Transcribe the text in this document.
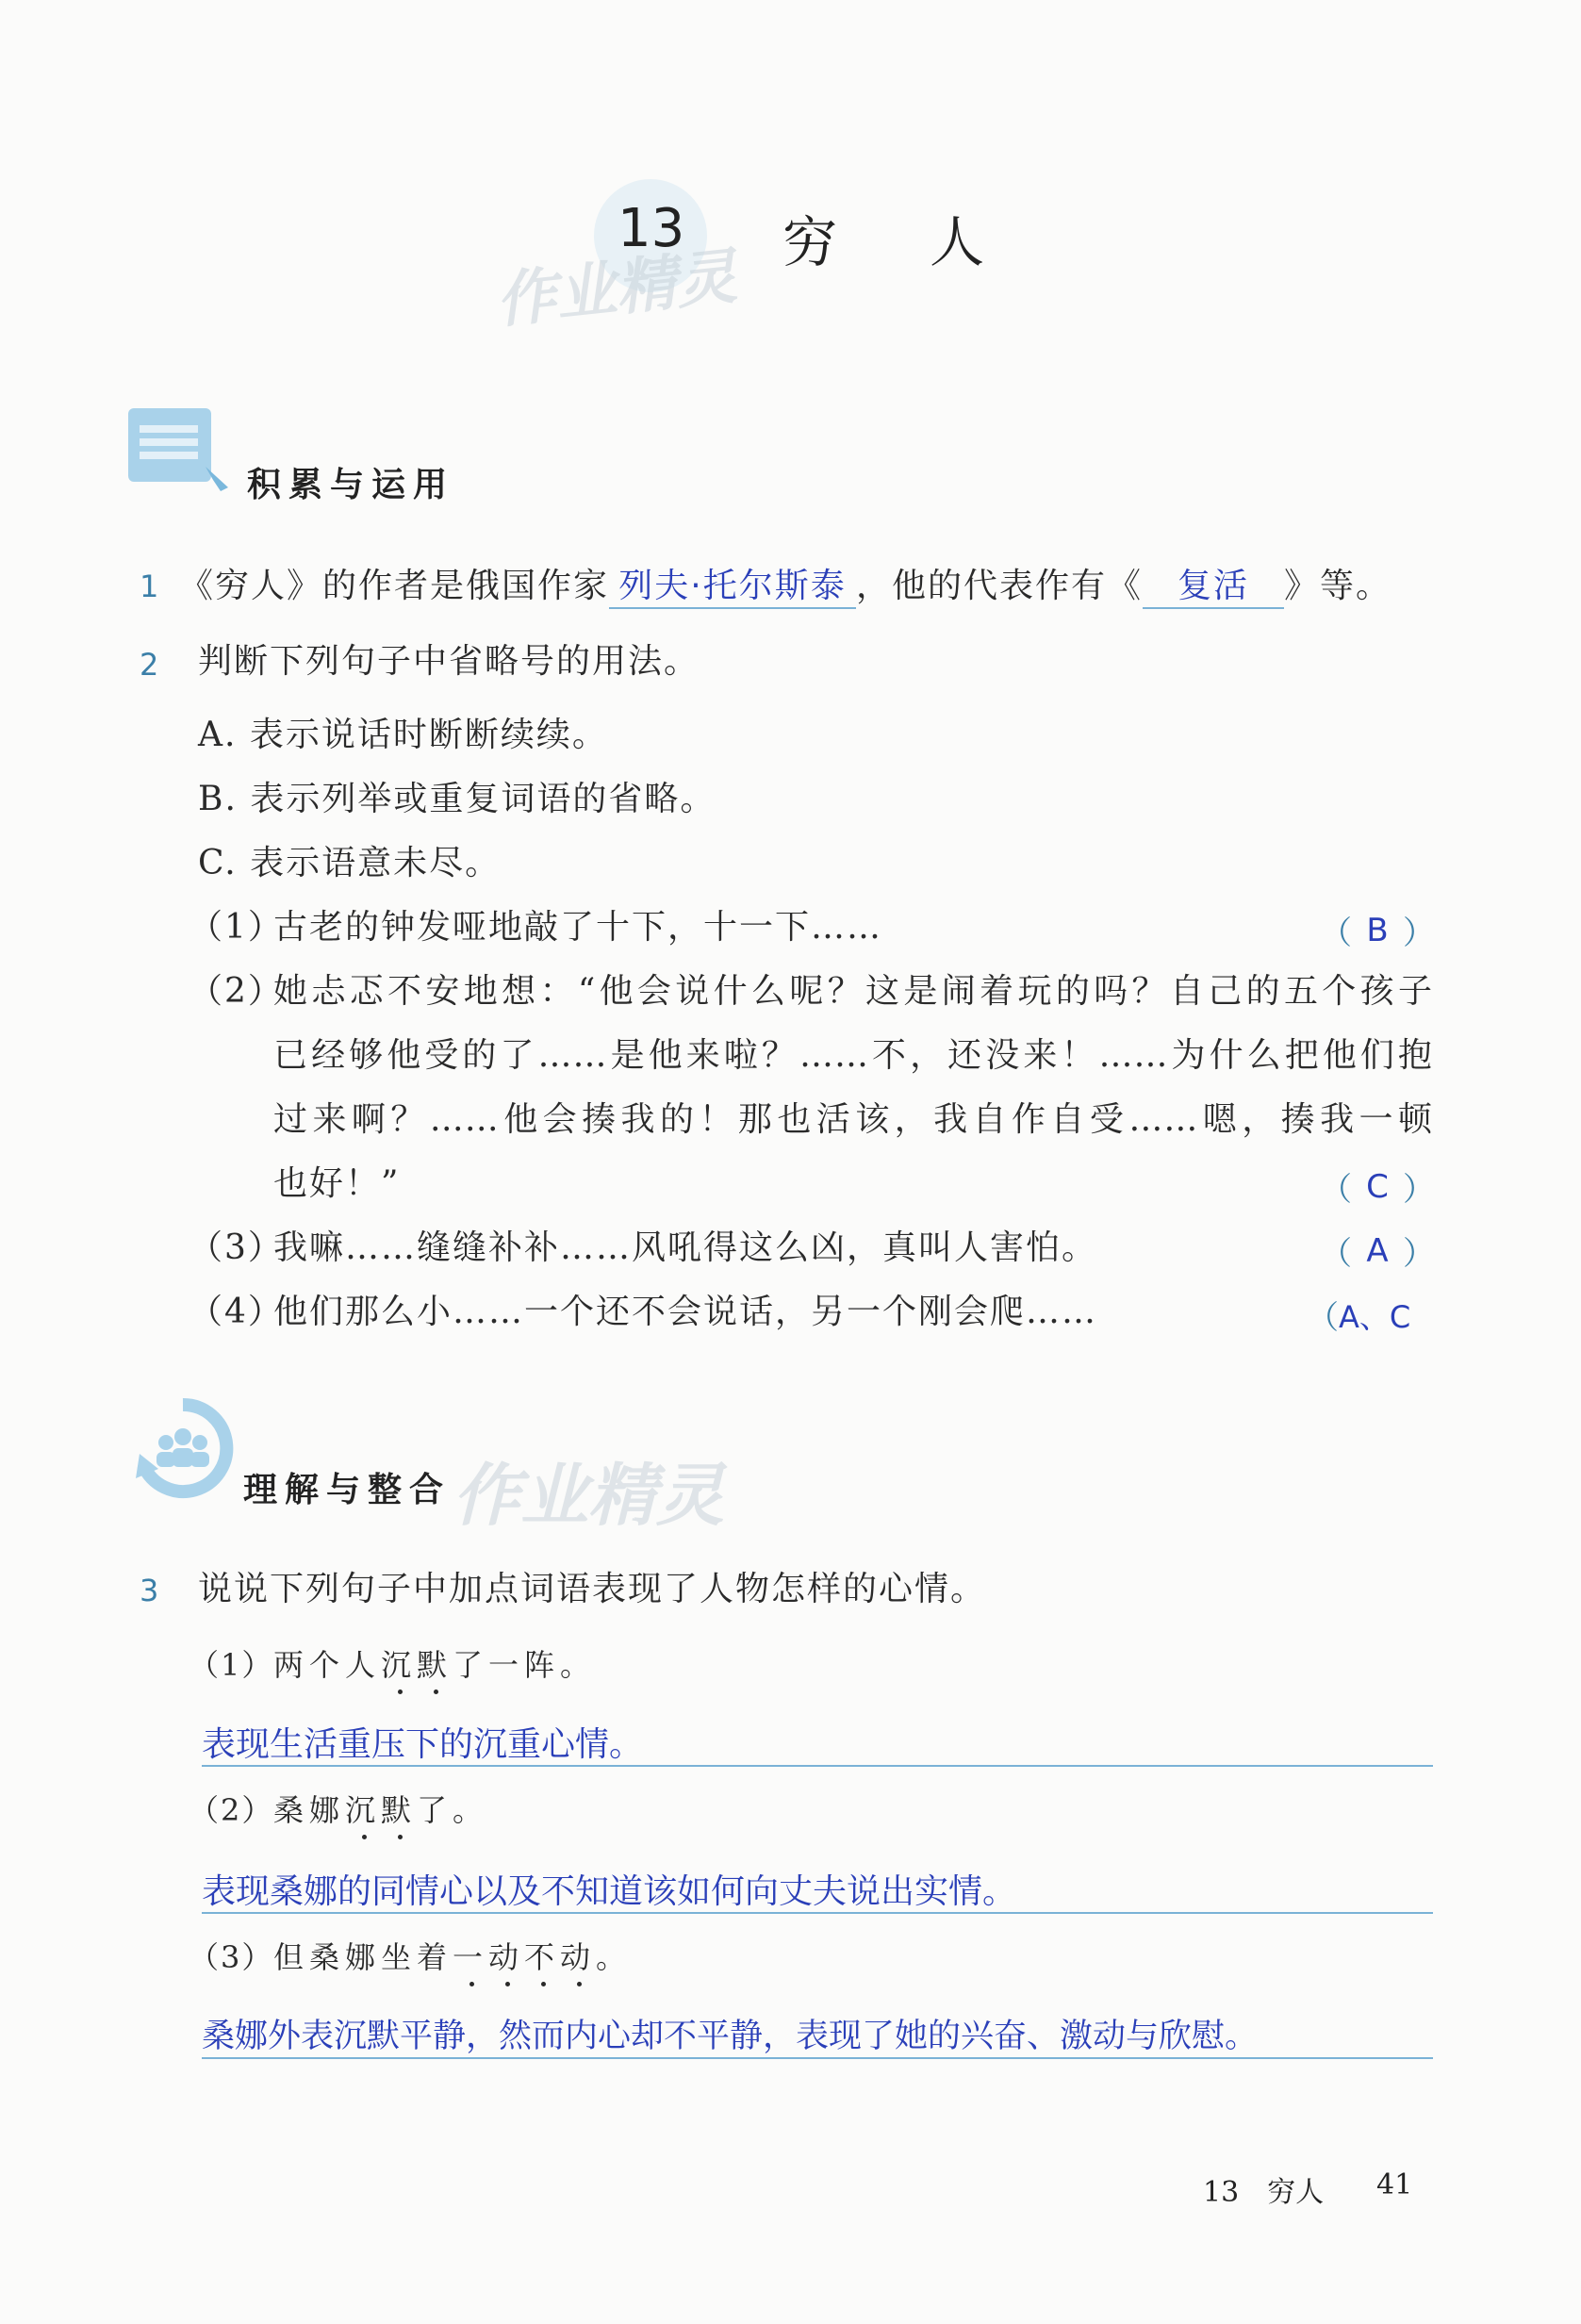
13 穷　人
作业精灵
积累与运用
1 《穷人》的作者是俄国作家 列夫·托尔斯泰 ，他的代表作有《 复活 》等。
2 判断下列句子中省略号的用法。
A. 表示说话时断断续续。
B. 表示列举或重复词语的省略。
C. 表示语意未尽。
（1）
古老的钟发哑地敲了十下，十一下……	（ B ）
（2）
她忐忑不安地想：“他会说什么呢？这是闹着玩的吗？自己的五个孩子
已经够他受的了……是他来啦？……不，还没来！……为什么把他们抱
过来啊？……他会揍我的！那也活该，我自作自受……嗯，揍我一顿
也好！”	（ C ）
（3）
我嘛……缝缝补补……风吼得这么凶，真叫人害怕。	（ A ）
（4）
他们那么小……一个还不会说话，另一个刚会爬……	（ A、C
理解与整合 作业精灵
3 说说下列句子中加点词语表现了人物怎样的心情。
（1） 两个人沉默了一阵。
表现生活重压下的沉重心情。
（2） 桑娜沉默了。
表现桑娜的同情心以及不知道该如何向丈夫说出实情。
（3） 但桑娜坐着一动不动。
桑娜外表沉默平静，然而内心却不平静，表现了她的兴奋、激动与欣慰。
13　穷人 41
